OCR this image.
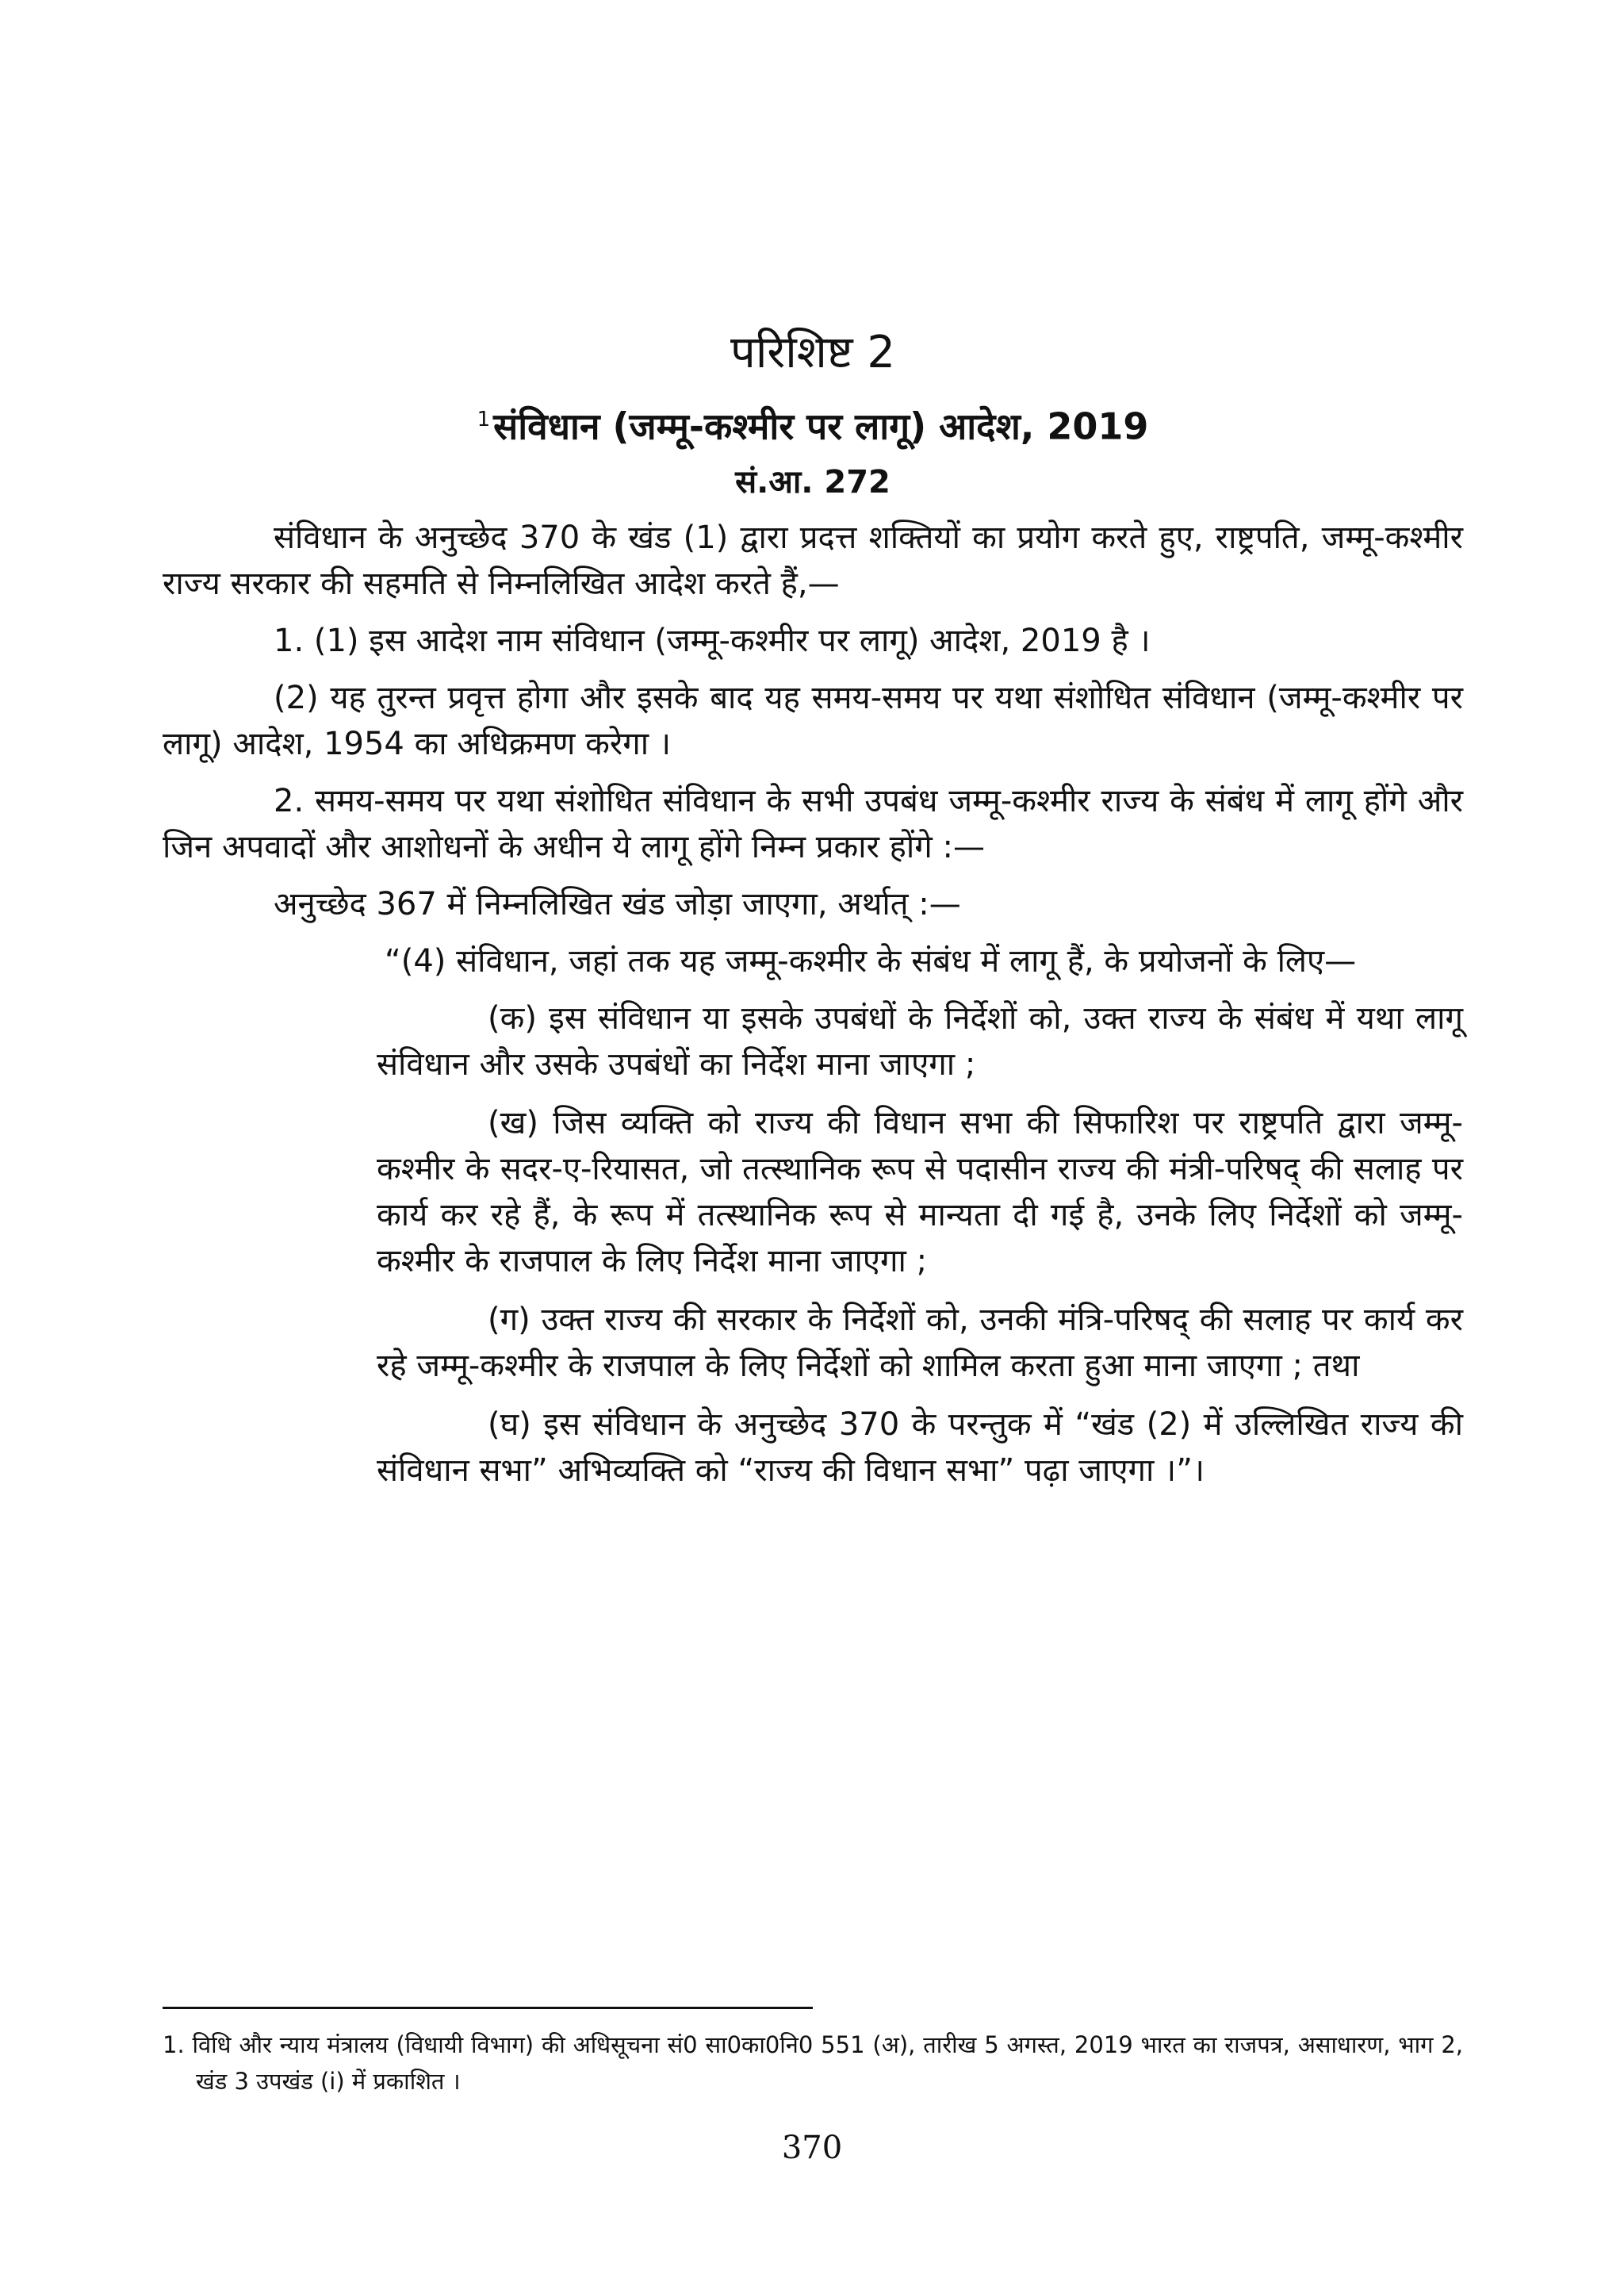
परिशिष्ट 2
$^1$संविधान (जम्मू-कश्मीर पर लागू) आदेश, 2019
सं.आ. 272

संविधान के अनुच्छेद 370 के खंड (1) द्वारा प्रदत्त शक्तियों का प्रयोग करते हुए, राष्ट्रपति, जम्मू-कश्मीर राज्य सरकार की सहमति से निम्नलिखित आदेश करते हैं,—

1. (1) इस आदेश नाम संविधान (जम्मू-कश्मीर पर लागू) आदेश, 2019 है ।

(2) यह तुरन्त प्रवृत्त होगा और इसके बाद यह समय-समय पर यथा संशोधित संविधान (जम्मू-कश्मीर पर लागू) आदेश, 1954 का अधिक्रमण करेगा ।

2. समय-समय पर यथा संशोधित संविधान के सभी उपबंध जम्मू-कश्मीर राज्य के संबंध में लागू होंगे और जिन अपवादों और आशोधनों के अधीन ये लागू होंगे निम्न प्रकार होंगे :—

अनुच्छेद 367 में निम्नलिखित खंड जोड़ा जाएगा, अर्थात् :—

“(4) संविधान, जहां तक यह जम्मू-कश्मीर के संबंध में लागू हैं, के प्रयोजनों के लिए—

(क) इस संविधान या इसके उपबंधों के निर्देशों को, उक्त राज्य के संबंध में यथा लागू संविधान और उसके उपबंधों का निर्देश माना जाएगा ;

(ख) जिस व्यक्ति को राज्य की विधान सभा की सिफारिश पर राष्ट्रपति द्वारा जम्मू-कश्मीर के सदर-ए-रियासत, जो तत्स्थानिक रूप से पदासीन राज्य की मंत्री-परिषद् की सलाह पर कार्य कर रहे हैं, के रूप में तत्स्थानिक रूप से मान्यता दी गई है, उनके लिए निर्देशों को जम्मू-कश्मीर के राजपाल के लिए निर्देश माना जाएगा ;

(ग) उक्त राज्य की सरकार के निर्देशों को, उनकी मंत्रि-परिषद् की सलाह पर कार्य कर रहे जम्मू-कश्मीर के राजपाल के लिए निर्देशों को शामिल करता हुआ माना जाएगा ; तथा

(घ) इस संविधान के अनुच्छेद 370 के परन्तुक में “खंड (2) में उल्लिखित राज्य की संविधान सभा” अभिव्यक्ति को “राज्य की विधान सभा” पढ़ा जाएगा ।”।

1. विधि और न्याय मंत्रालय (विधायी विभाग) की अधिसूचना सं0 सा0का0नि0 551 (अ), तारीख 5 अगस्त, 2019 भारत का राजपत्र, असाधारण, भाग 2, खंड 3 उपखंड (i) में प्रकाशित ।
370
